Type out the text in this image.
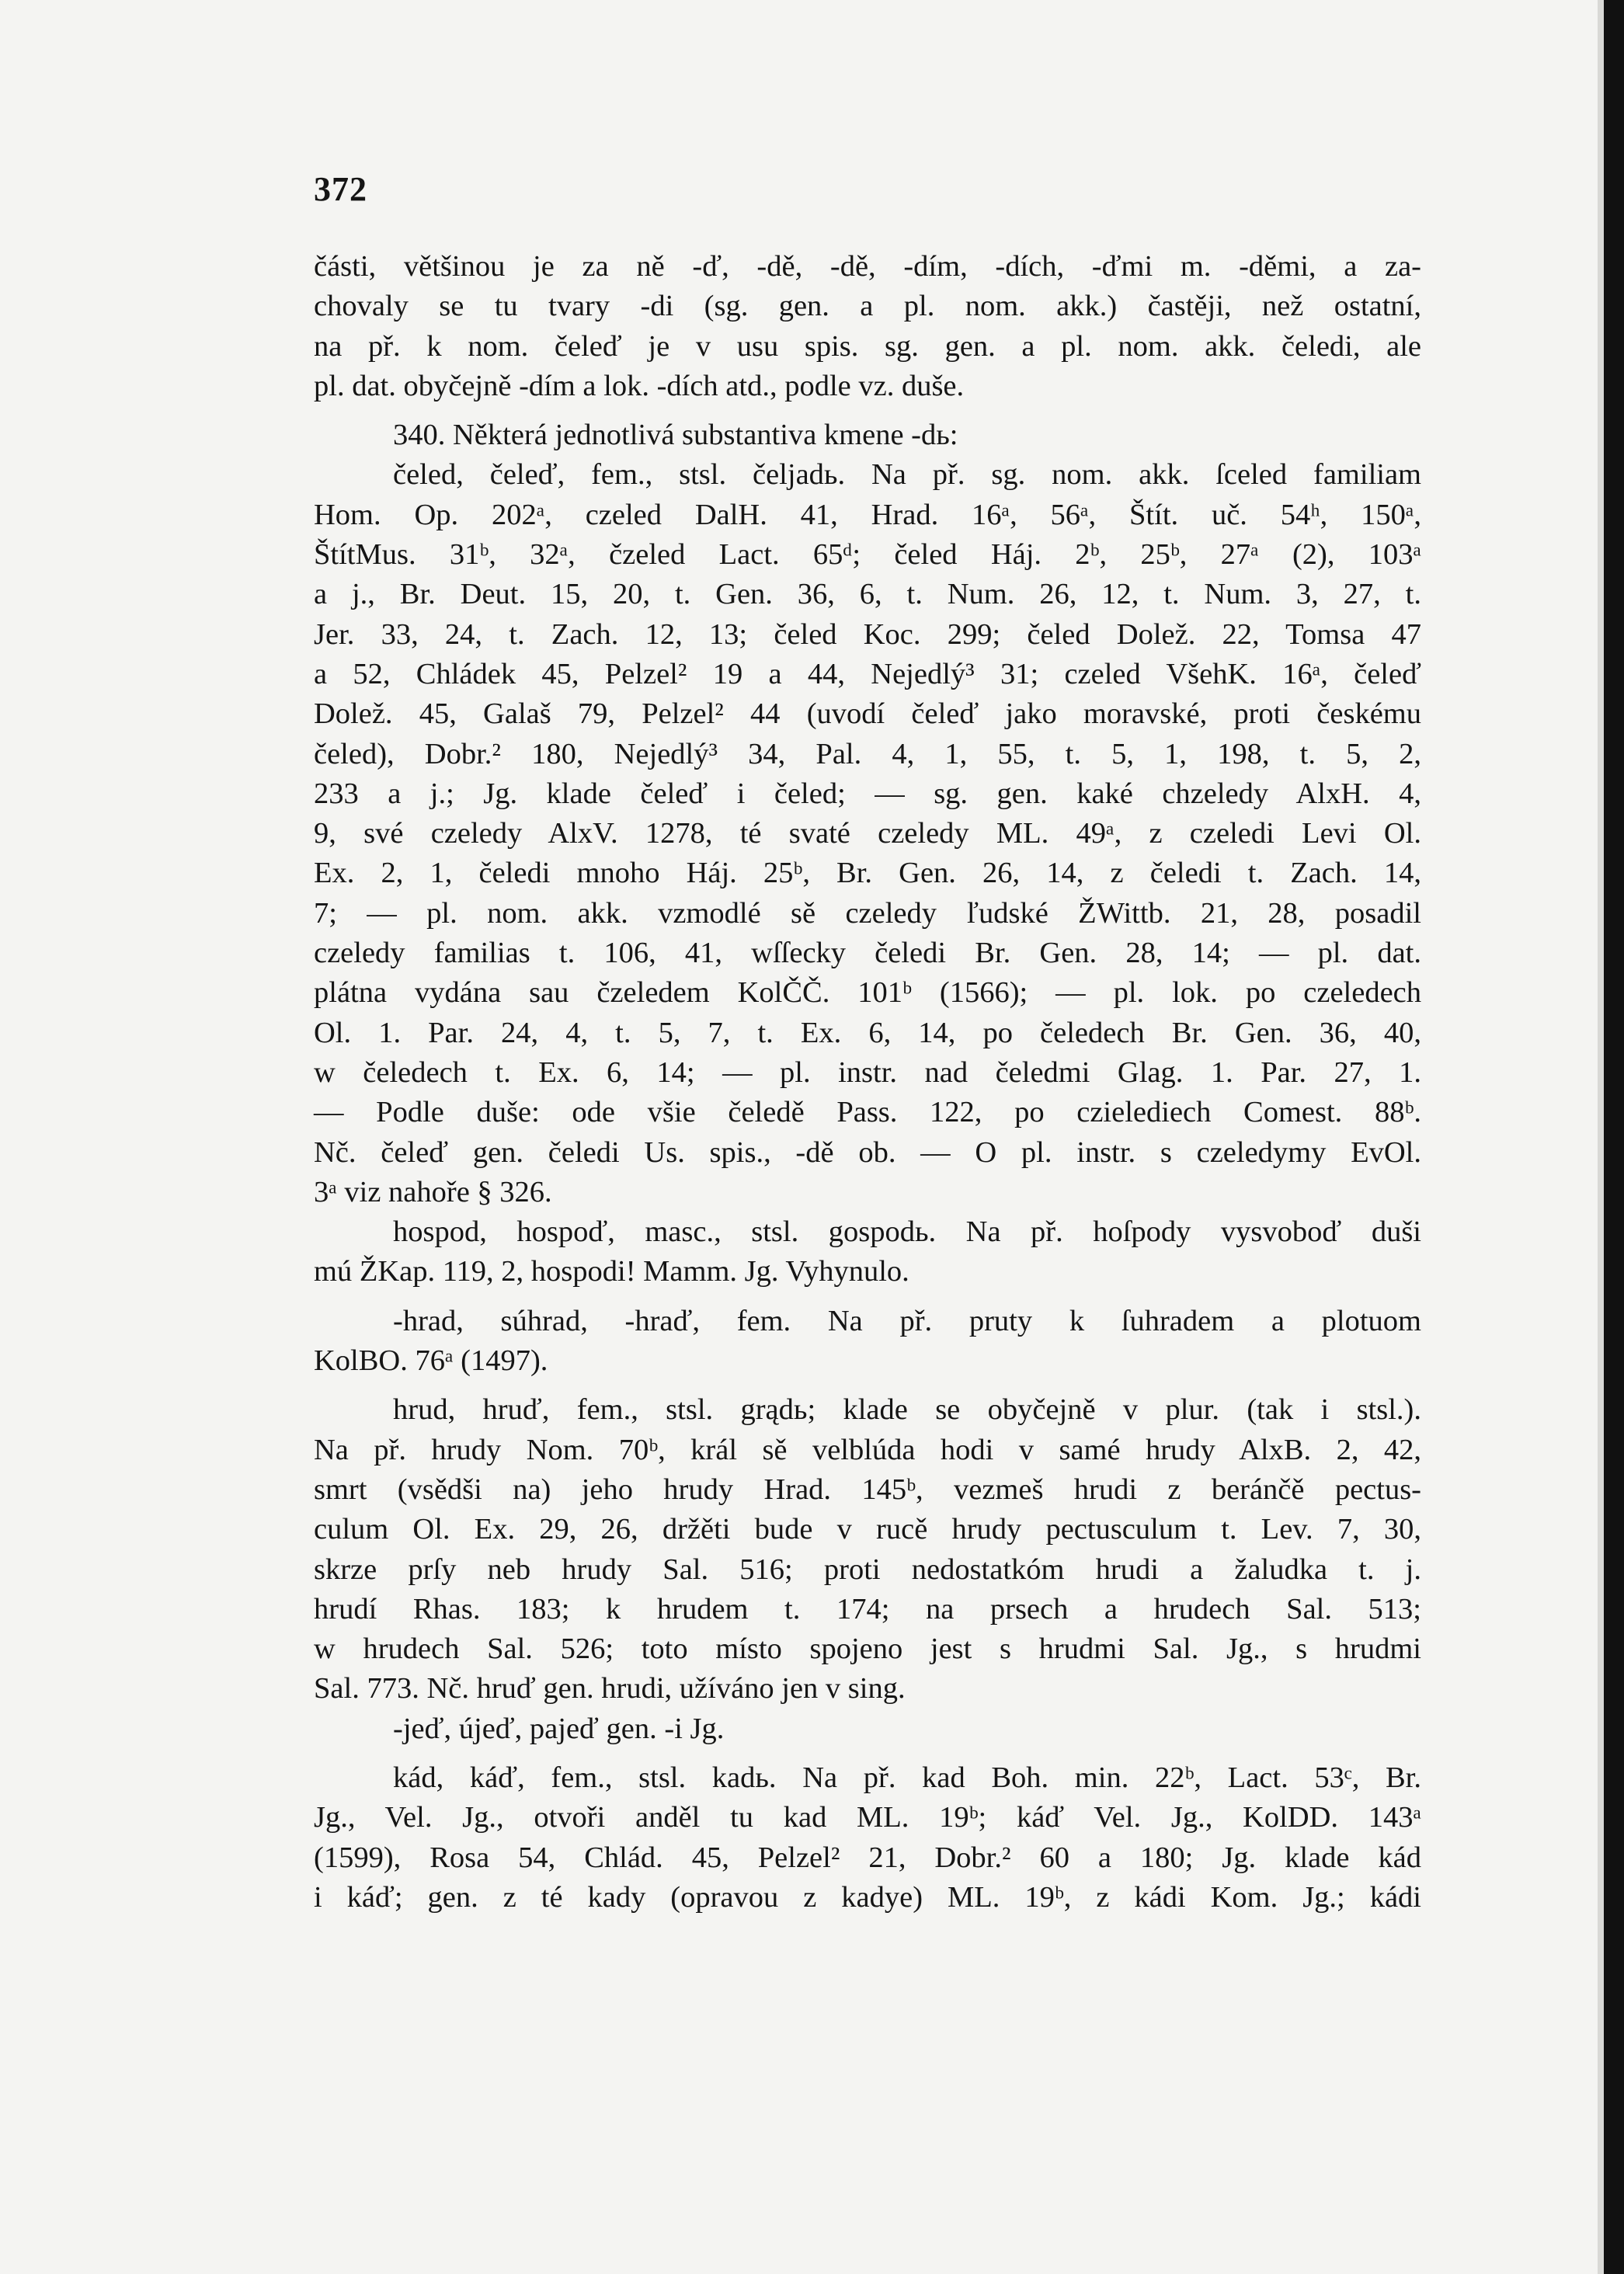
372
části, většinou je za ně -ď, -dě, -dě, -dím, -dích, -ďmi m. -děmi, a za-
chovaly se tu tvary -di (sg. gen. a pl. nom. akk.) častěji, než ostatní,
na př. k nom. čeleď je v usu spis. sg. gen. a pl. nom. akk. čeledi, ale
pl. dat. obyčejně -dím a lok. -dích atd., podle vz. duše.
340. Některá jednotlivá substantiva kmene -dь:
čeled, čeleď, fem., stsl. čeljadь. Na př. sg. nom. akk. ſceled familiam
Hom. Op. 202ᵃ, czeled DalH. 41, Hrad. 16ᵃ, 56ᵃ, Štít. uč. 54ʰ, 150ᵃ,
ŠtítMus. 31ᵇ, 32ᵃ, čzeled Lact. 65ᵈ; čeled Háj. 2ᵇ, 25ᵇ, 27ᵃ (2), 103ᵃ
a j., Br. Deut. 15, 20, t. Gen. 36, 6, t. Num. 26, 12, t. Num. 3, 27, t.
Jer. 33, 24, t. Zach. 12, 13; čeled Koc. 299; čeled Dolež. 22, Tomsa 47
a 52, Chládek 45, Pelzel² 19 a 44, Nejedlý³ 31; czeled VšehK. 16ᵃ, čeleď
Dolež. 45, Galaš 79, Pelzel² 44 (uvodí čeleď jako moravské, proti českému
čeled), Dobr.² 180, Nejedlý³ 34, Pal. 4, 1, 55, t. 5, 1, 198, t. 5, 2,
233 a j.; Jg. klade čeleď i čeled; — sg. gen. kaké chzeledy AlxH. 4,
9, své czeledy AlxV. 1278, té svaté czeledy ML. 49ᵃ, z czeledi Levi Ol.
Ex. 2, 1, čeledi mnoho Háj. 25ᵇ, Br. Gen. 26, 14, z čeledi t. Zach. 14,
7; — pl. nom. akk. vzmodlé sě czeledy ľudské ŽWittb. 21, 28, posadil
czeledy familias t. 106, 41, wſſecky čeledi Br. Gen. 28, 14; — pl. dat.
plátna vydána sau čzeledem KolČČ. 101ᵇ (1566); — pl. lok. po czeledech
Ol. 1. Par. 24, 4, t. 5, 7, t. Ex. 6, 14, po čeledech Br. Gen. 36, 40,
w čeledech t. Ex. 6, 14; — pl. instr. nad čeledmi Glag. 1. Par. 27, 1.
— Podle duše: ode všie čeledě Pass. 122, po czieledіech Comest. 88ᵇ.
Nč. čeleď gen. čeledi Us. spis., -dě ob. — O pl. instr. s czeledymy EvOl.
3ᵃ viz nahoře § 326.
hospod, hospoď, masc., stsl. gospodь. Na př. hoſpody vysvoboď duši
mú ŽKap. 119, 2, hospodi! Mamm. Jg. Vyhynulo.
-hrad, súhrad, -hraď, fem. Na př. pruty k ſuhradem a plotuom
KolBO. 76ᵃ (1497).
hrud, hruď, fem., stsl. grąd​ь; klade se obyčejně v plur. (tak i stsl.).
Na př. hrudy Nom. 70ᵇ, král sě velblúda hodi v samé hrudy AlxB. 2, 42,
smrt (vsědši na) jeho hrudy Hrad. 145ᵇ, vezmeš hrudi z beránčě pectus-
culum Ol. Ex. 29, 26, držěti bude v rucě hrudy pectusculum t. Lev. 7, 30,
skrze prſy neb hrudy Sal. 516; proti nedostatkóm hrudi a žaludka t. j.
hrudí Rhas. 183; k hrudem t. 174; na prsech a hrudech Sal. 513;
w hrudech Sal. 526; toto místo spojeno jest s hrudmi Sal. Jg., s hrudmi
Sal. 773. Nč. hruď gen. hrudi, užíváno jen v sing.
-jeď, újeď, pajeď gen. -i Jg.
kád, káď, fem., stsl. kadь. Na př. kad Boh. min. 22ᵇ, Lact. 53ᶜ, Br.
Jg., Vel. Jg., otvoři anděl tu kad ML. 19ᵇ; káď Vel. Jg., KolDD. 143ᵃ
(1599), Rosa 54, Chlád. 45, Pelzel² 21, Dobr.² 60 a 180; Jg. klade kád
i káď; gen. z té kady (opravou z kadye) ML. 19ᵇ, z kádi Kom. Jg.; kádi
